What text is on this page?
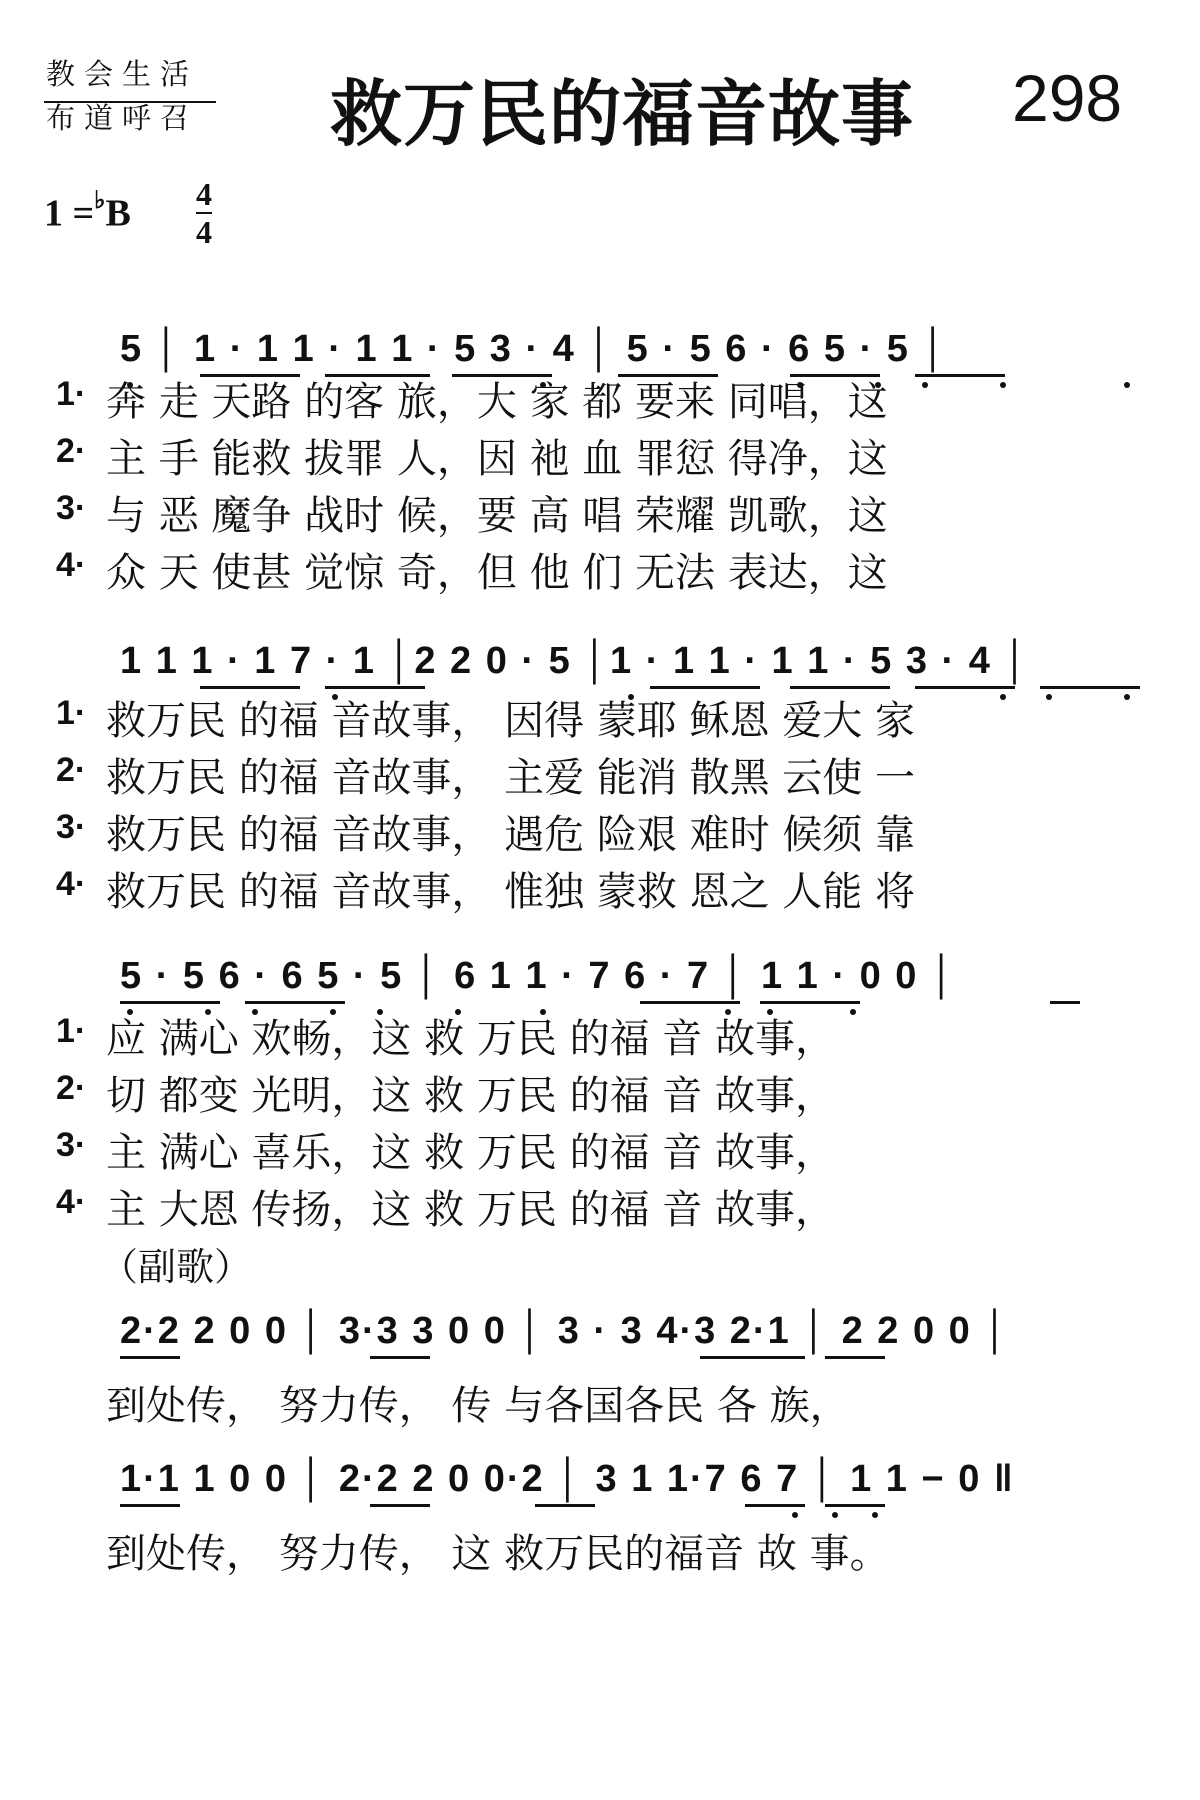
教会生活
布道呼召 救万民的福音故事 298
1 =♭B 4
4
5 │ 1 · 1 1 · 1 1 · 5 3 · 4 │ 5 · 5 6 · 6 5 · 5 │
1· 奔 走 天路 的客 旅，大 家 都 要来 同唱，这
2· 主 手 能救 拔罪 人，因 祂 血 罪愆 得净，这
3· 与 恶 魔争 战时 候，要 高 唱 荣耀 凯歌，这
4· 众 天 使甚 觉惊 奇，但 他 们 无法 表达，这
1 1 1 · 1 7 · 1 │2 2 0 · 5 │1 · 1 1 · 1 1 · 5 3 · 4 │
1· 救万民 的福 音故事， 因得 蒙耶 稣恩 爱大 家
2· 救万民 的福 音故事， 主爱 能消 散黑 云使 一
3· 救万民 的福 音故事， 遇危 险艰 难时 候须 靠
4· 救万民 的福 音故事， 惟独 蒙救 恩之 人能 将
5 · 5 6 · 6 5 · 5 │ 6 1 1 · 7 6 · 7 │ 1 1 · 0 0 │
1· 应 满心 欢畅，这 救 万民 的福 音 故事，
2· 切 都变 光明，这 救 万民 的福 音 故事，
3· 主 满心 喜乐，这 救 万民 的福 音 故事，
4· 主 大恩 传扬，这 救 万民 的福 音 故事，
（副歌）
2·2 2 0 0 │ 3·3 3 0 0 │ 3 · 3 4·3 2·1 │ 2 2 0 0 │
到处传， 努力传， 传 与各国各民 各 族，
1·1 1 0 0 │ 2·2 2 0 0·2 │ 3 1 1·7 6 7 │ 1 1 − 0 ‖
到处传， 努力传， 这 救万民的福音 故 事。
